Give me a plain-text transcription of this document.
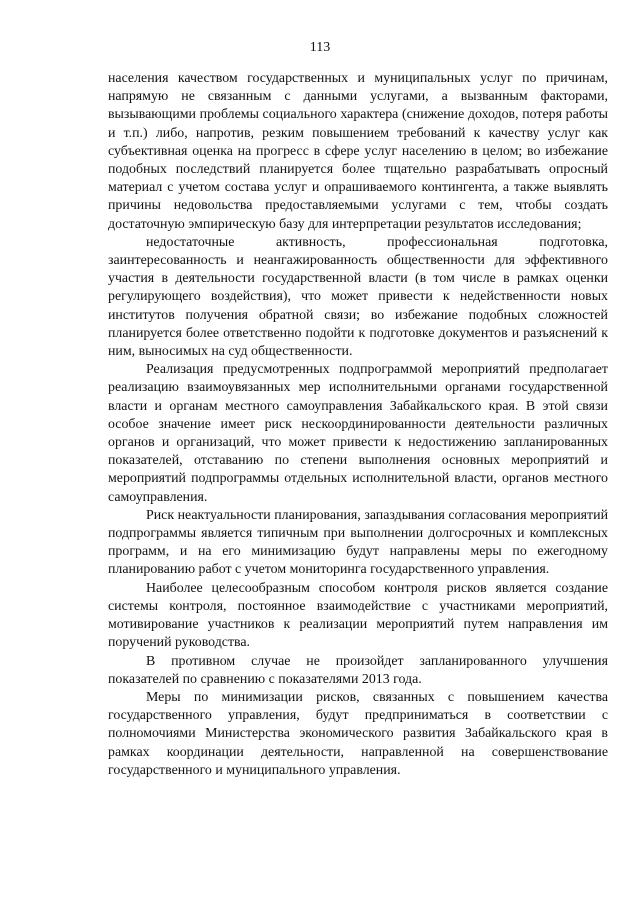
113

населения качеством государственных и муниципальных услуг по причинам, напрямую не связанным с данными услугами, а вызванным факторами, вызывающими проблемы социального характера (снижение доходов, потеря работы и т.п.) либо, напротив, резким повышением требований к качеству услуг как субъективная оценка на прогресс в сфере услуг населению в целом; во избежание подобных последствий планируется более тщательно разрабатывать опросный материал с учетом состава услуг и опрашиваемого контингента, а также выявлять причины недовольства предоставляемыми услугами с тем, чтобы создать достаточную эмпирическую базу для интерпретации результатов исследования;

недостаточные активность, профессиональная подготовка, заинтересованность и неангажированность общественности для эффективного участия в деятельности государственной власти (в том числе в рамках оценки регулирующего воздействия), что может привести к недейственности новых институтов получения обратной связи; во избежание подобных сложностей планируется более ответственно подойти к подготовке документов и разъяснений к ним, выносимых на суд общественности.

Реализация предусмотренных подпрограммой мероприятий предполагает реализацию взаимоувязанных мер исполнительными органами государственной власти и органам местного самоуправления Забайкальского края. В этой связи особое значение имеет риск нескоординированности деятельности различных органов и организаций, что может привести к недостижению запланированных показателей, отставанию по степени выполнения основных мероприятий и мероприятий подпрограммы отдельных исполнительной власти, органов местного самоуправления.

Риск неактуальности планирования, запаздывания согласования мероприятий подпрограммы является типичным при выполнении долгосрочных и комплексных программ, и на его минимизацию будут направлены меры по ежегодному планированию работ с учетом мониторинга государственного управления.

Наиболее целесообразным способом контроля рисков является создание системы контроля, постоянное взаимодействие с участниками мероприятий, мотивирование участников к реализации мероприятий путем направления им поручений руководства.

В противном случае не произойдет запланированного улучшения показателей по сравнению с показателями 2013 года.

Меры по минимизации рисков, связанных с повышением качества государственного управления, будут предприниматься в соответствии с полномочиями Министерства экономического развития Забайкальского края в рамках координации деятельности, направленной на совершенствование государственного и муниципального управления.
